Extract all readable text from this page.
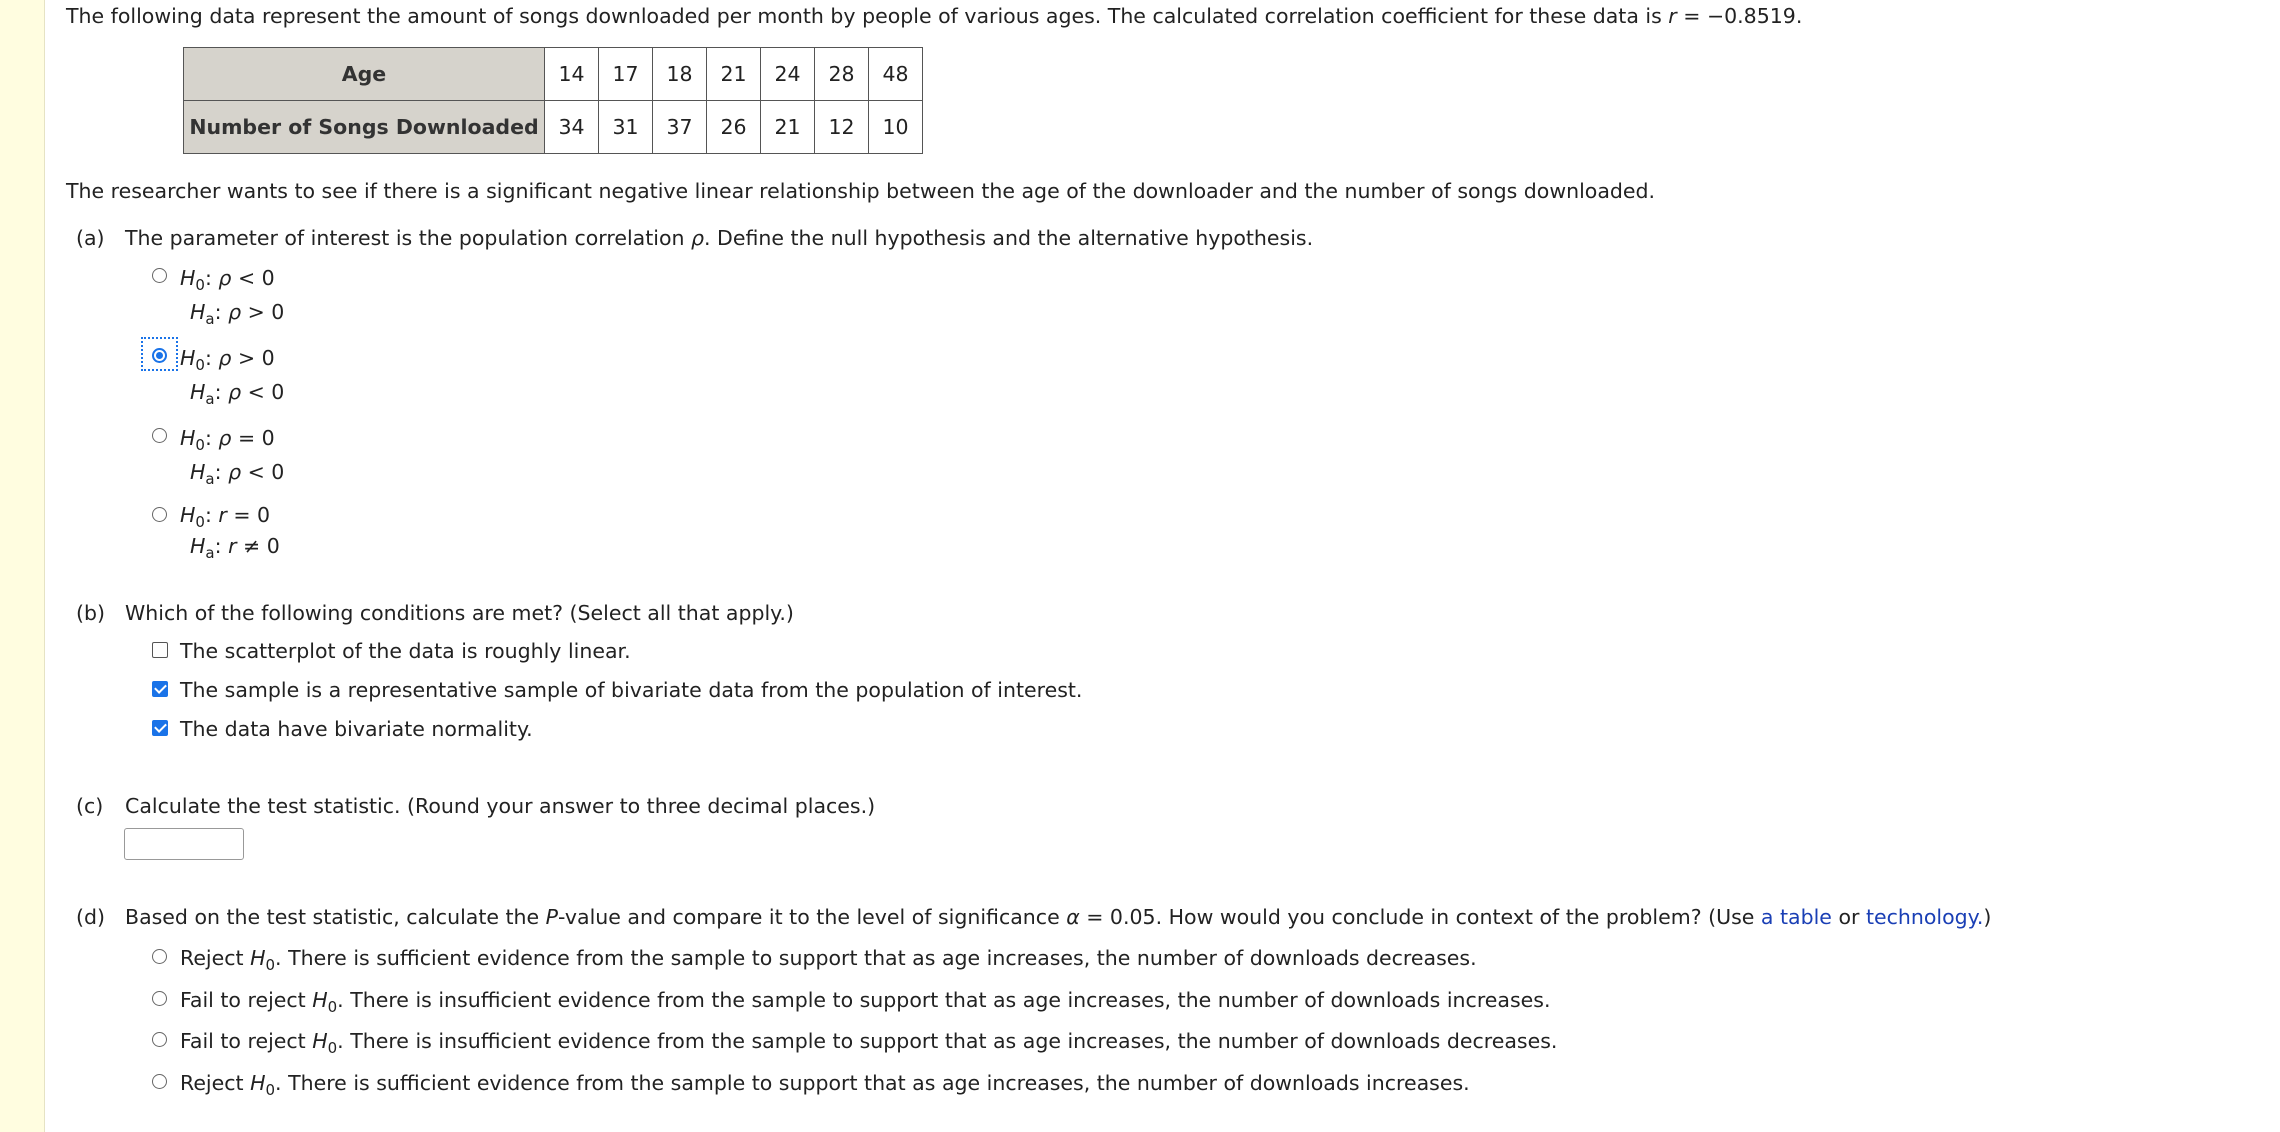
The following data represent the amount of songs downloaded per month by people of various ages. The calculated correlation coefficient for these data is r = −0.8519.
Age	14	17	18	21	24	28	48
Number of Songs Downloaded	34	31	37	26	21	12	10
The researcher wants to see if there is a significant negative linear relationship between the age of the downloader and the number of songs downloaded.
(a) The parameter of interest is the population correlation ρ. Define the null hypothesis and the alternative hypothesis.
$H_0$: ρ < 0
$H_a$: ρ > 0
$H_0$: ρ > 0
$H_a$: ρ < 0
$H_0$: ρ = 0
$H_a$: ρ < 0
$H_0$: r = 0
$H_a$: r ≠ 0
(b) Which of the following conditions are met? (Select all that apply.)
The scatterplot of the data is roughly linear.
The sample is a representative sample of bivariate data from the population of interest.
The data have bivariate normality.
(c) Calculate the test statistic. (Round your answer to three decimal places.)
(d) Based on the test statistic, calculate the P-value and compare it to the level of significance α = 0.05. How would you conclude in context of the problem? (Use a table or technology.)
Reject $H_0$. There is sufficient evidence from the sample to support that as age increases, the number of downloads decreases.
Fail to reject $H_0$. There is insufficient evidence from the sample to support that as age increases, the number of downloads increases.
Fail to reject $H_0$. There is insufficient evidence from the sample to support that as age increases, the number of downloads decreases.
Reject $H_0$. There is sufficient evidence from the sample to support that as age increases, the number of downloads increases.
